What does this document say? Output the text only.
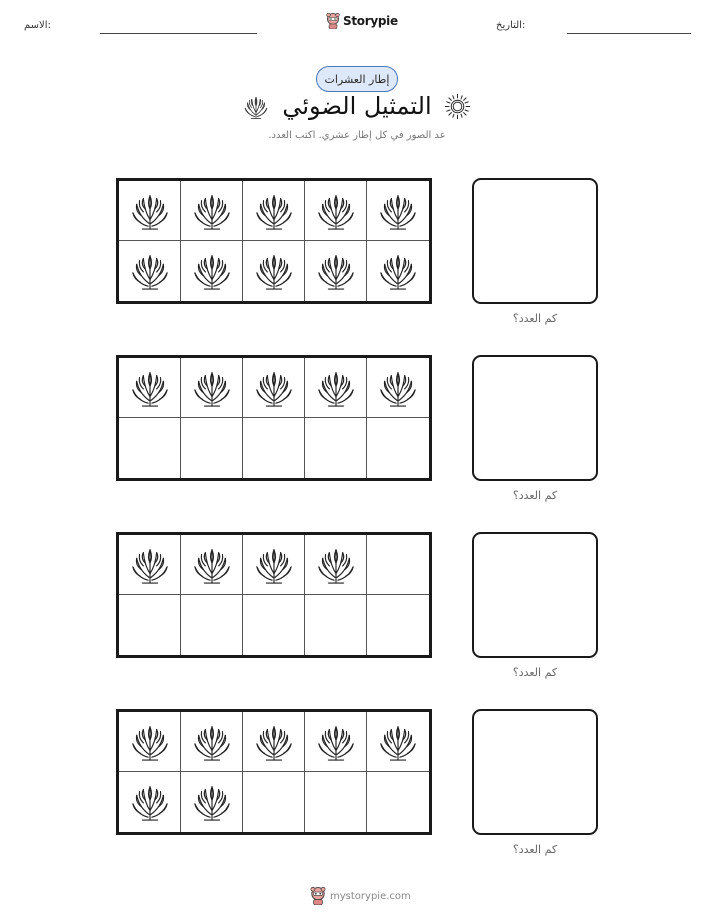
الاسم:	Storypie	التاريخ:
إطار العشرات
التمثيل الضوئي
عد الصور في كل إطار عشري. اكتب العدد.
كم العدد؟
كم العدد؟
كم العدد؟
كم العدد؟
mystorypie.com
